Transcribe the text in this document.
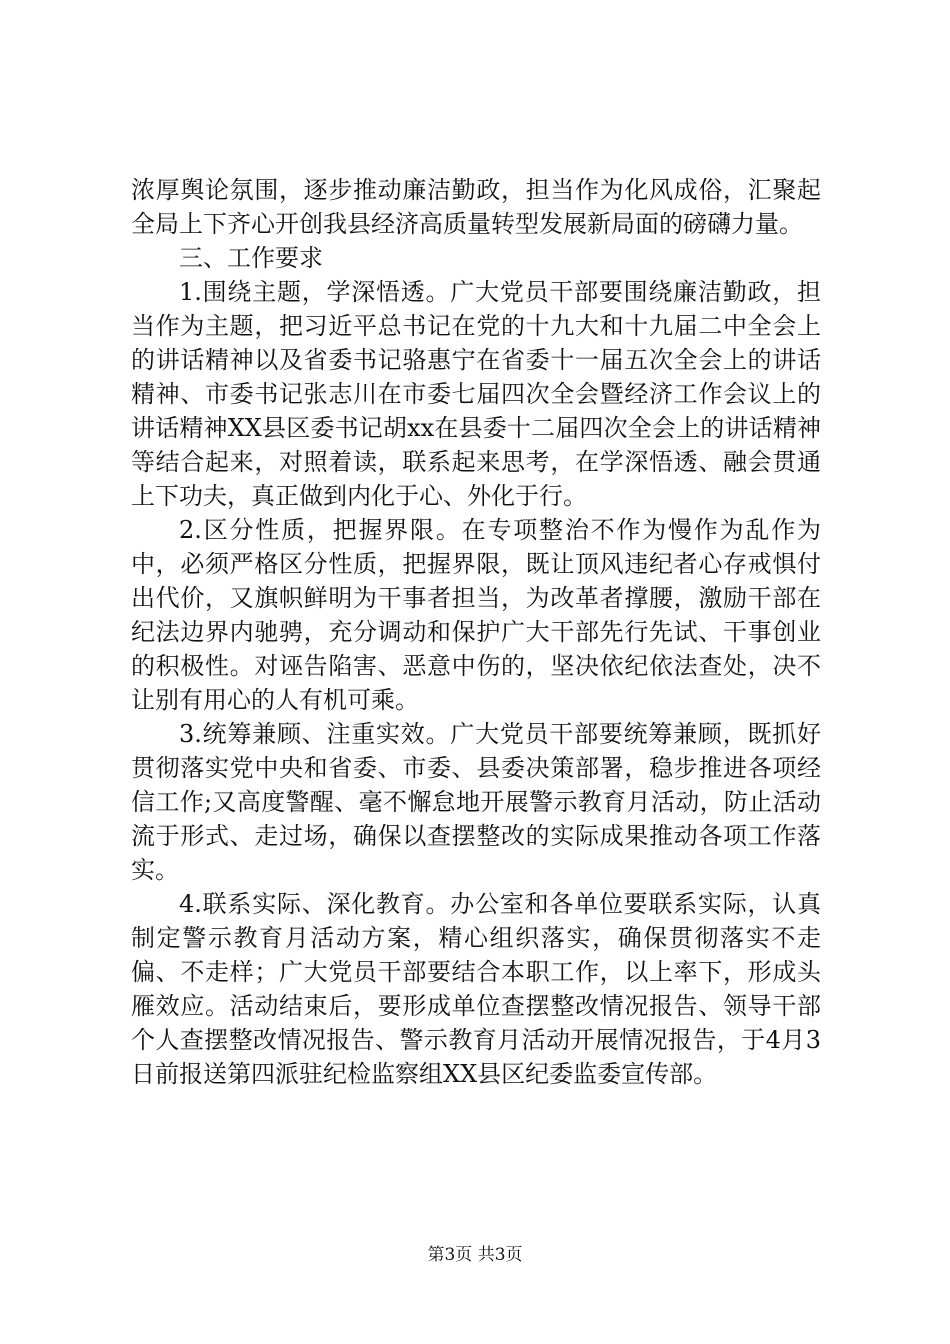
浓厚舆论氛围，逐步推动廉洁勤政，担当作为化风成俗，汇聚起全局上下齐心开创我县经济高质量转型发展新局面的磅礴力量。

三、工作要求

1.围绕主题，学深悟透。广大党员干部要围绕廉洁勤政，担当作为主题，把习近平总书记在党的十九大和十九届二中全会上的讲话精神以及省委书记骆惠宁在省委十一届五次全会上的讲话精神、市委书记张志川在市委七届四次全会暨经济工作会议上的讲话精神XX县区委书记胡xx在县委十二届四次全会上的讲话精神等结合起来，对照着读，联系起来思考，在学深悟透、融会贯通上下功夫，真正做到内化于心、外化于行。

2.区分性质，把握界限。在专项整治不作为慢作为乱作为中，必须严格区分性质，把握界限，既让顶风违纪者心存戒惧付出代价，又旗帜鲜明为干事者担当，为改革者撑腰，激励干部在纪法边界内驰骋，充分调动和保护广大干部先行先试、干事创业的积极性。对诬告陷害、恶意中伤的，坚决依纪依法查处，决不让别有用心的人有机可乘。

3.统筹兼顾、注重实效。广大党员干部要统筹兼顾，既抓好贯彻落实党中央和省委、市委、县委决策部署，稳步推进各项经信工作;又高度警醒、毫不懈怠地开展警示教育月活动，防止活动流于形式、走过场，确保以查摆整改的实际成果推动各项工作落实。

4.联系实际、深化教育。办公室和各单位要联系实际，认真制定警示教育月活动方案，精心组织落实，确保贯彻落实不走偏、不走样；广大党员干部要结合本职工作，以上率下，形成头雁效应。活动结束后，要形成单位查摆整改情况报告、领导干部个人查摆整改情况报告、警示教育月活动开展情况报告，于4月3日前报送第四派驻纪检监察组XX县区纪委监委宣传部。

第3页 共3页
